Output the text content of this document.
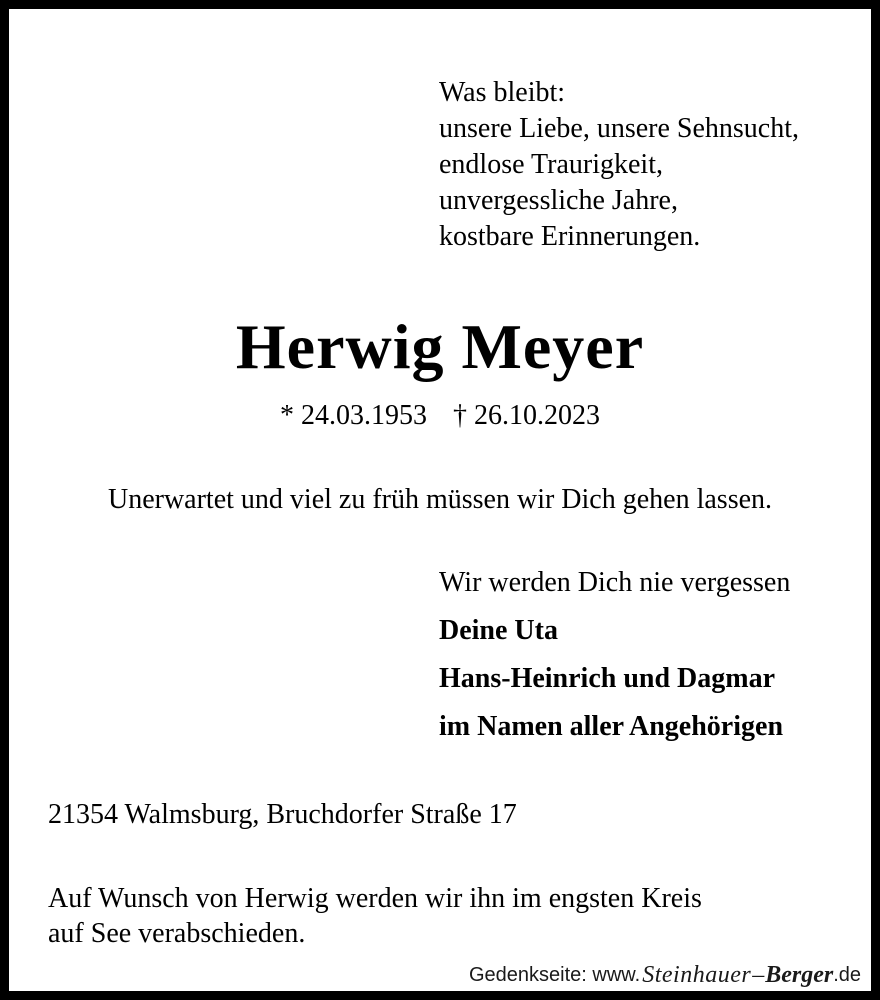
Was bleibt:
unsere Liebe, unsere Sehnsucht,
endlose Traurigkeit,
unvergessliche Jahre,
kostbare Erinnerungen.
Herwig Meyer
* 24.03.1953 † 26.10.2023
Unerwartet und viel zu früh müssen wir Dich gehen lassen.
Wir werden Dich nie vergessen
Deine Uta
Hans-Heinrich und Dagmar
im Namen aller Angehörigen
21354 Walmsburg, Bruchdorfer Straße 17
Auf Wunsch von Herwig werden wir ihn im engsten Kreis
auf See verabschieden.
Gedenkseite: www. Steinhauer – Berger .de
